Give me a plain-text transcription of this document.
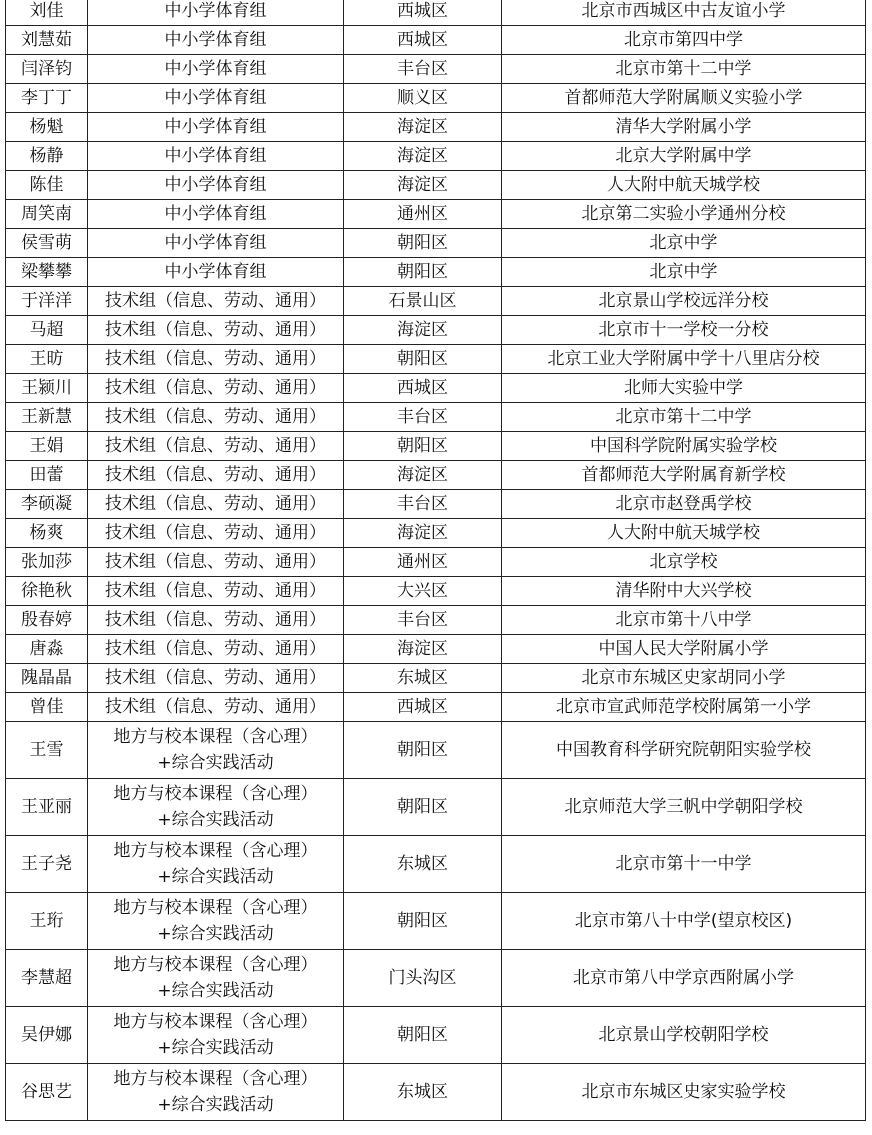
刘佳	中小学体育组	西城区	北京市西城区中古友谊小学
刘慧茹	中小学体育组	西城区	北京市第四中学
闫泽钧	中小学体育组	丰台区	北京市第十二中学
李丁丁	中小学体育组	顺义区	首都师范大学附属顺义实验小学
杨魁	中小学体育组	海淀区	清华大学附属小学
杨静	中小学体育组	海淀区	北京大学附属中学
陈佳	中小学体育组	海淀区	人大附中航天城学校
周笑南	中小学体育组	通州区	北京第二实验小学通州分校
侯雪萌	中小学体育组	朝阳区	北京中学
梁攀攀	中小学体育组	朝阳区	北京中学
于洋洋	技术组（信息、劳动、通用）	石景山区	北京景山学校远洋分校
马超	技术组（信息、劳动、通用）	海淀区	北京市十一学校一分校
王昉	技术组（信息、劳动、通用）	朝阳区	北京工业大学附属中学十八里店分校
王颍川	技术组（信息、劳动、通用）	西城区	北师大实验中学
王新慧	技术组（信息、劳动、通用）	丰台区	北京市第十二中学
王娟	技术组（信息、劳动、通用）	朝阳区	中国科学院附属实验学校
田蕾	技术组（信息、劳动、通用）	海淀区	首都师范大学附属育新学校
李硕凝	技术组（信息、劳动、通用）	丰台区	北京市赵登禹学校
杨爽	技术组（信息、劳动、通用）	海淀区	人大附中航天城学校
张加莎	技术组（信息、劳动、通用）	通州区	北京学校
徐艳秋	技术组（信息、劳动、通用）	大兴区	清华附中大兴学校
殷春婷	技术组（信息、劳动、通用）	丰台区	北京市第十八中学
唐淼	技术组（信息、劳动、通用）	海淀区	中国人民大学附属小学
隗晶晶	技术组（信息、劳动、通用）	东城区	北京市东城区史家胡同小学
曾佳	技术组（信息、劳动、通用）	西城区	北京市宣武师范学校附属第一小学
王雪	地方与校本课程（含心理）
+综合实践活动	朝阳区	中国教育科学研究院朝阳实验学校
王亚丽	地方与校本课程（含心理）
+综合实践活动	朝阳区	北京师范大学三帆中学朝阳学校
王子尧	地方与校本课程（含心理）
+综合实践活动	东城区	北京市第十一中学
王珩	地方与校本课程（含心理）
+综合实践活动	朝阳区	北京市第八十中学(望京校区)
李慧超	地方与校本课程（含心理）
+综合实践活动	门头沟区	北京市第八中学京西附属小学
吴伊娜	地方与校本课程（含心理）
+综合实践活动	朝阳区	北京景山学校朝阳学校
谷思艺	地方与校本课程（含心理）
+综合实践活动	东城区	北京市东城区史家实验学校
